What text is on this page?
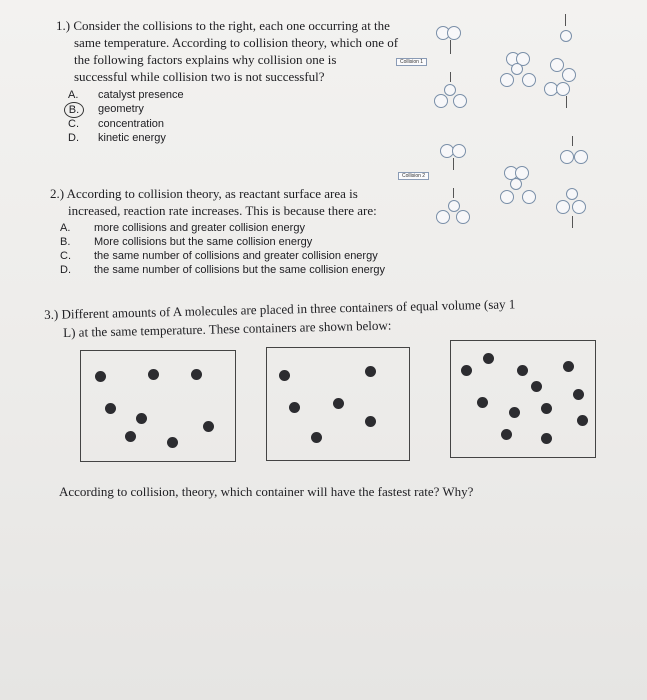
1.) Consider the collisions to the right, each one occurring at the
same temperature. According to collision theory, which one of
the following factors explains why collision one is
successful while collision two is not successful?
A. catalyst presence
B.	geometry
C. concentration
D. kinetic energy
Collision 1
Collision 2
2.) According to collision theory, as reactant surface area is
increased, reaction rate increases. This is because there are:
A. more collisions and greater collision energy
B. More collisions but the same collision energy
C. the same number of collisions and greater collision energy
D. the same number of collisions but the same collision energy
3.) Different amounts of A molecules are placed in three containers of equal volume (say 1
L) at the same temperature. These containers are shown below:
According to collision, theory, which container will have the fastest rate? Why?
